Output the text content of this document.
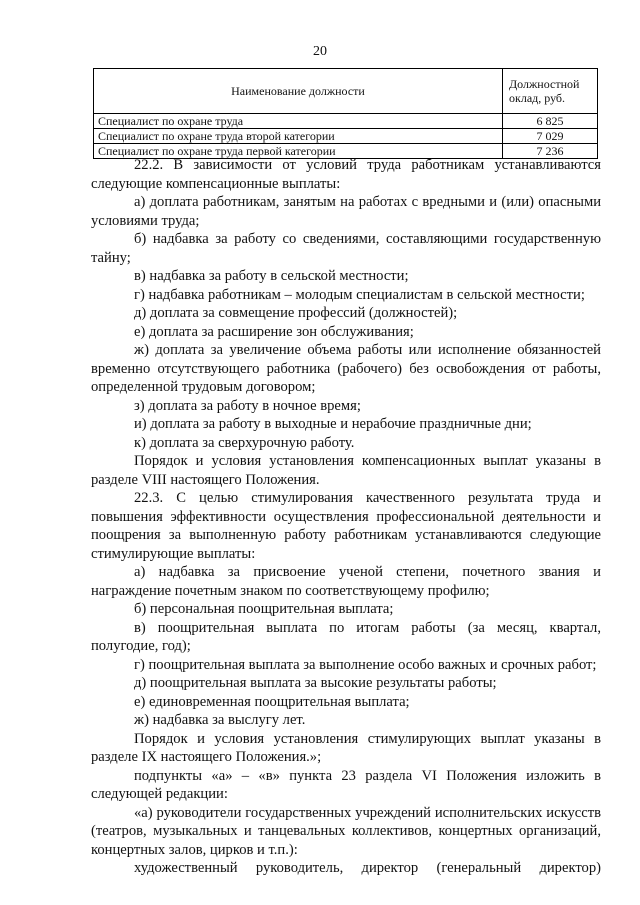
20
Наименование должности	Должностной оклад, руб.
Специалист по охране труда	6 825
Специалист по охране труда второй категории	7 029
Специалист по охране труда первой категории	7 236

22.2. В зависимости от условий труда работникам устанавливаются следующие компенсационные выплаты:

а) доплата работникам, занятым на работах с вредными и (или) опасными условиями труда;

б) надбавка за работу со сведениями, составляющими государственную тайну;

в) надбавка за работу в сельской местности;

г) надбавка работникам – молодым специалистам в сельской местности;

д) доплата за совмещение профессий (должностей);

е) доплата за расширение зон обслуживания;

ж) доплата за увеличение объема работы или исполнение обязанностей временно отсутствующего работника (рабочего) без освобождения от работы, определенной трудовым договором;

з) доплата за работу в ночное время;

и) доплата за работу в выходные и нерабочие праздничные дни;

к) доплата за сверхурочную работу.

Порядок и условия установления компенсационных выплат указаны в разделе VIII настоящего Положения.

22.3. С целью стимулирования качественного результата труда и повышения эффективности осуществления профессиональной деятельности и поощрения за выполненную работу работникам устанавливаются следующие стимулирующие выплаты:

а) надбавка за присвоение ученой степени, почетного звания и награждение почетным знаком по соответствующему профилю;

б) персональная поощрительная выплата;

в) поощрительная выплата по итогам работы (за месяц, квартал, полугодие, год);

г) поощрительная выплата за выполнение особо важных и срочных работ;

д) поощрительная выплата за высокие результаты работы;

е) единовременная поощрительная выплата;

ж) надбавка за выслугу лет.

Порядок и условия установления стимулирующих выплат указаны в разделе IX настоящего Положения.»;

подпункты «а» – «в» пункта 23 раздела VI Положения изложить в следующей редакции:

«а) руководители государственных учреждений исполнительских искусств (театров, музыкальных и танцевальных коллективов, концертных организаций, концертных залов, цирков и т.п.):

художественный руководитель, директор (генеральный директор)
